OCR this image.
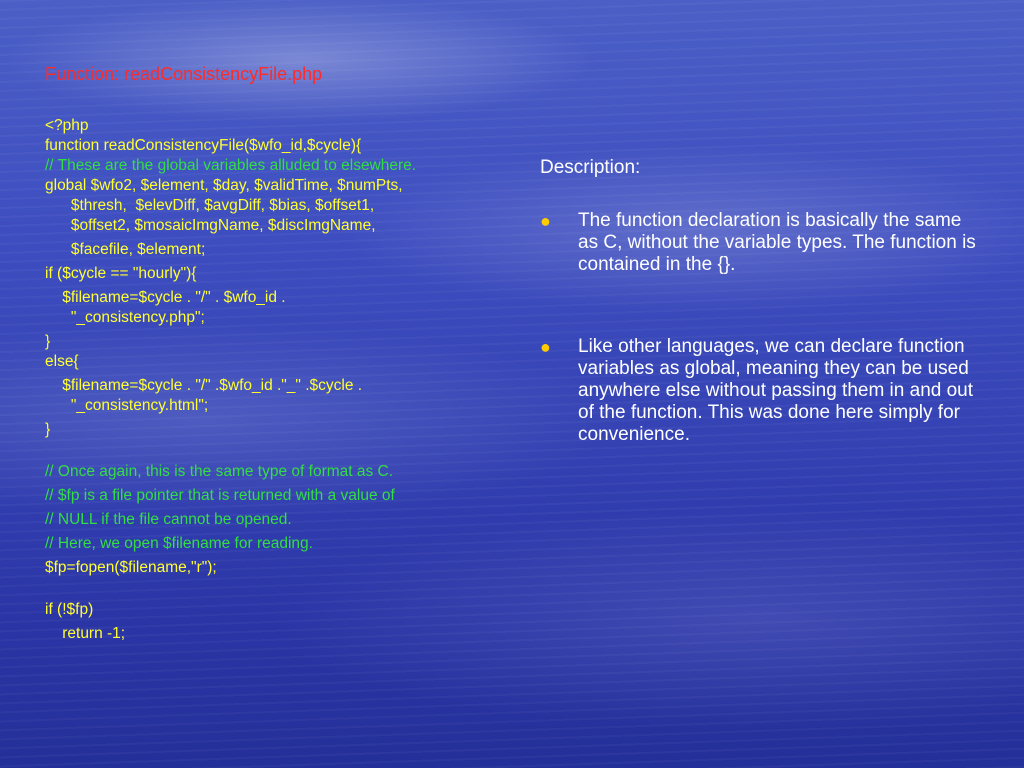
Function: readConsistencyFile.php
<?php
function readConsistencyFile($wfo_id,$cycle){
// These are the global variables alluded to elsewhere.
global $wfo2, $element, $day, $validTime, $numPts,
$thresh,  $elevDiff, $avgDiff, $bias, $offset1,
$offset2, $mosaicImgName, $discImgName,
$facefile, $element;
if ($cycle == "hourly"){
$filename=$cycle . "/" . $wfo_id .
"_consistency.php";
}
else{
$filename=$cycle . "/" .$wfo_id ."_" .$cycle .
"_consistency.html";
}
// Once again, this is the same type of format as C.
// $fp is a file pointer that is returned with a value of
// NULL if the file cannot be opened.
// Here, we open $filename for reading.
$fp=fopen($filename,"r");
if (!$fp)
return -1;
Description:
● The function declaration is basically the same as C, without the variable types. The function is contained in the {}.
● Like other languages, we can declare function variables as global, meaning they can be used anywhere else without passing them in and out of the function. This was done here simply for convenience.
